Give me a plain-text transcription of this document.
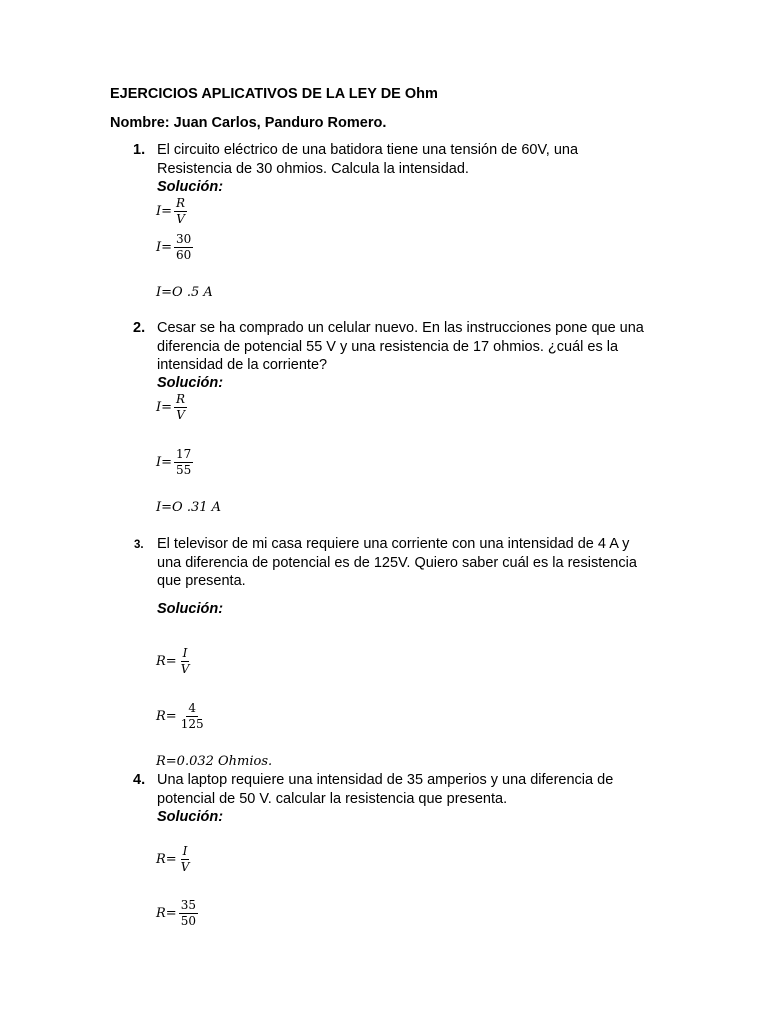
EJERCICIOS APLICATIVOS DE LA LEY DE Ohm
Nombre: Juan Carlos, Panduro Romero.
1. El circuito eléctrico de una batidora tiene una tensión de 60V, una Resistencia de 30 ohmios. Calcula la intensidad.
Solución:
$I = \frac{R}{V}$
$I = \frac{30}{60}$
I=O .5 A
2. Cesar se ha comprado un celular nuevo. En las instrucciones pone que una diferencia de potencial 55 V y una resistencia de 17 ohmios. ¿cuál es la intensidad de la corriente?
Solución:
$I = \frac{R}{V}$
$I = \frac{17}{55}$
I=O .31 A
3. El televisor de mi casa requiere una corriente con una intensidad de 4 A y una diferencia de potencial es de 125V. Quiero saber cuál es la resistencia que presenta.
Solución:
$R = \frac{I}{V}$
$R = \frac{4}{125}$
R=0.032 Ohmios.
4. Una laptop requiere una intensidad de 35 amperios y una diferencia de potencial de 50 V. calcular la resistencia que presenta.
Solución:
$R = \frac{I}{V}$
$R = \frac{35}{50}$
